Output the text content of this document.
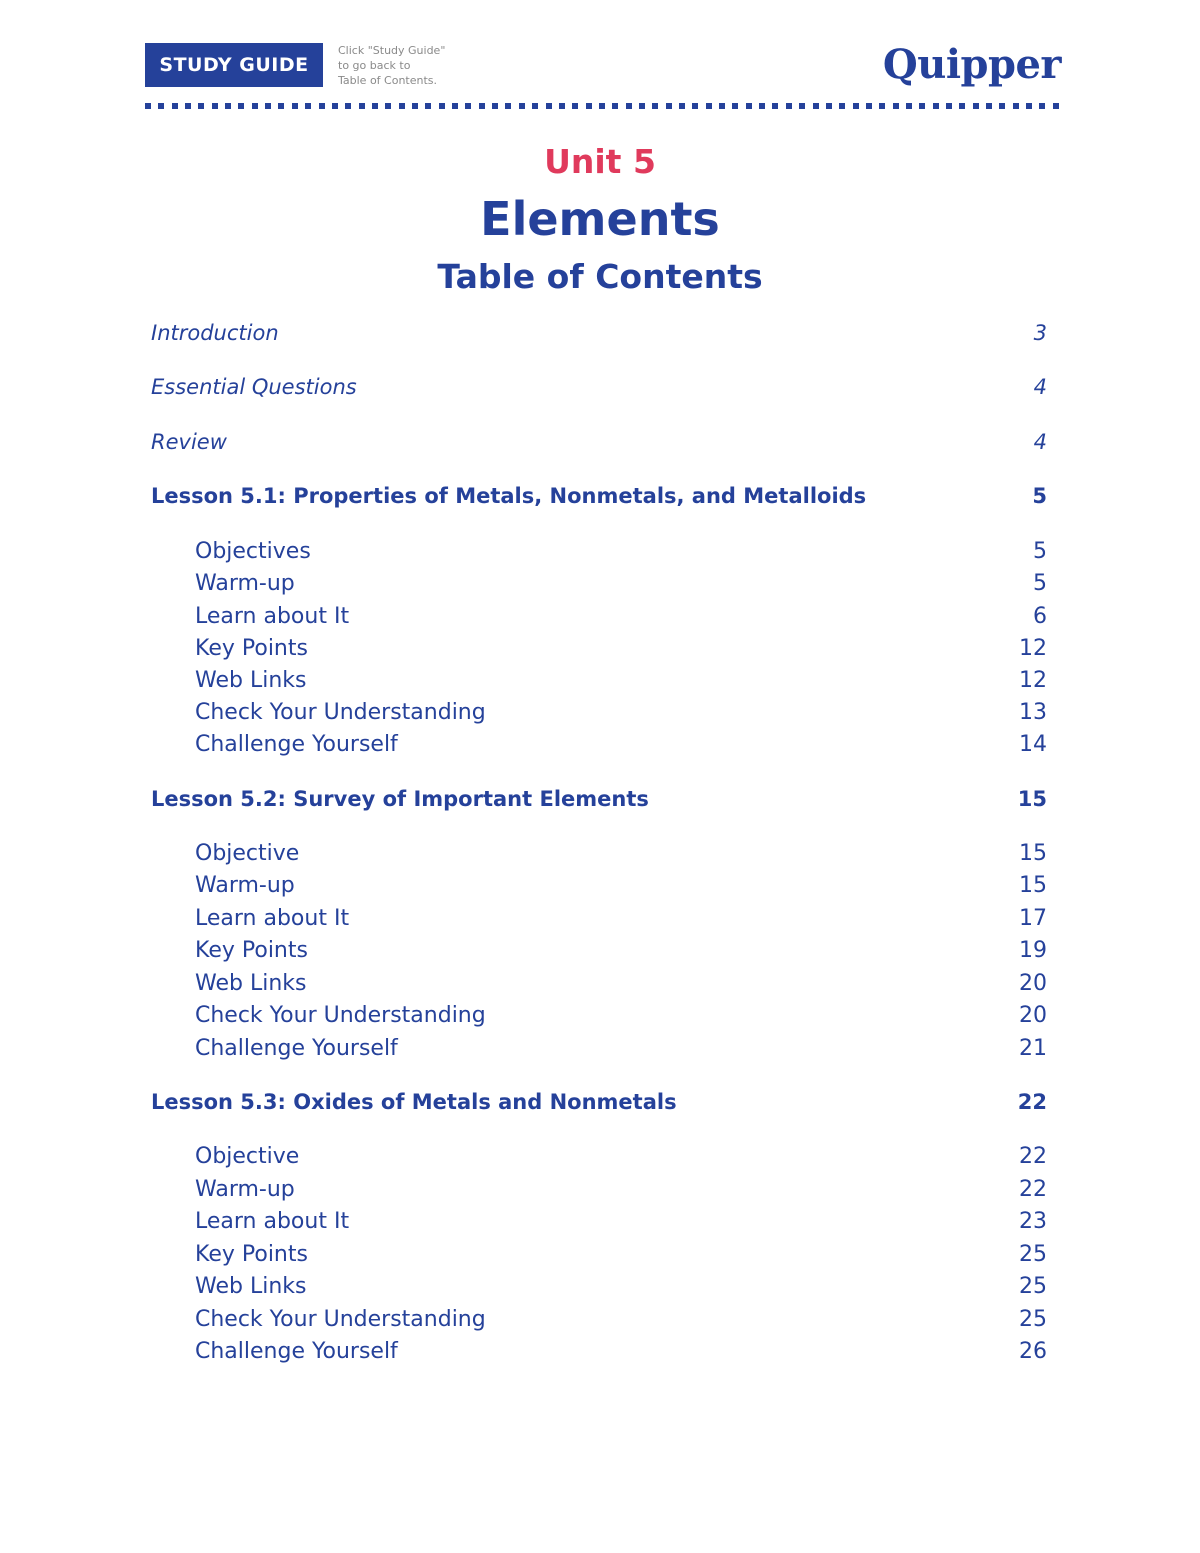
STUDY GUIDE
Click "Study Guide"
to go back to
Table of Contents.	Quipper
Unit 5
Elements
Table of Contents
Introduction	3
Essential Questions	4
Review	4
Lesson 5.1: Properties of Metals, Nonmetals, and Metalloids	5
Objectives	5
Warm-up	5
Learn about It	6
Key Points	12
Web Links	12
Check Your Understanding	13
Challenge Yourself	14
Lesson 5.2: Survey of Important Elements	15
Objective	15
Warm-up	15
Learn about It	17
Key Points	19
Web Links	20
Check Your Understanding	20
Challenge Yourself	21
Lesson 5.3: Oxides of Metals and Nonmetals	22
Objective	22
Warm-up	22
Learn about It	23
Key Points	25
Web Links	25
Check Your Understanding	25
Challenge Yourself	26
